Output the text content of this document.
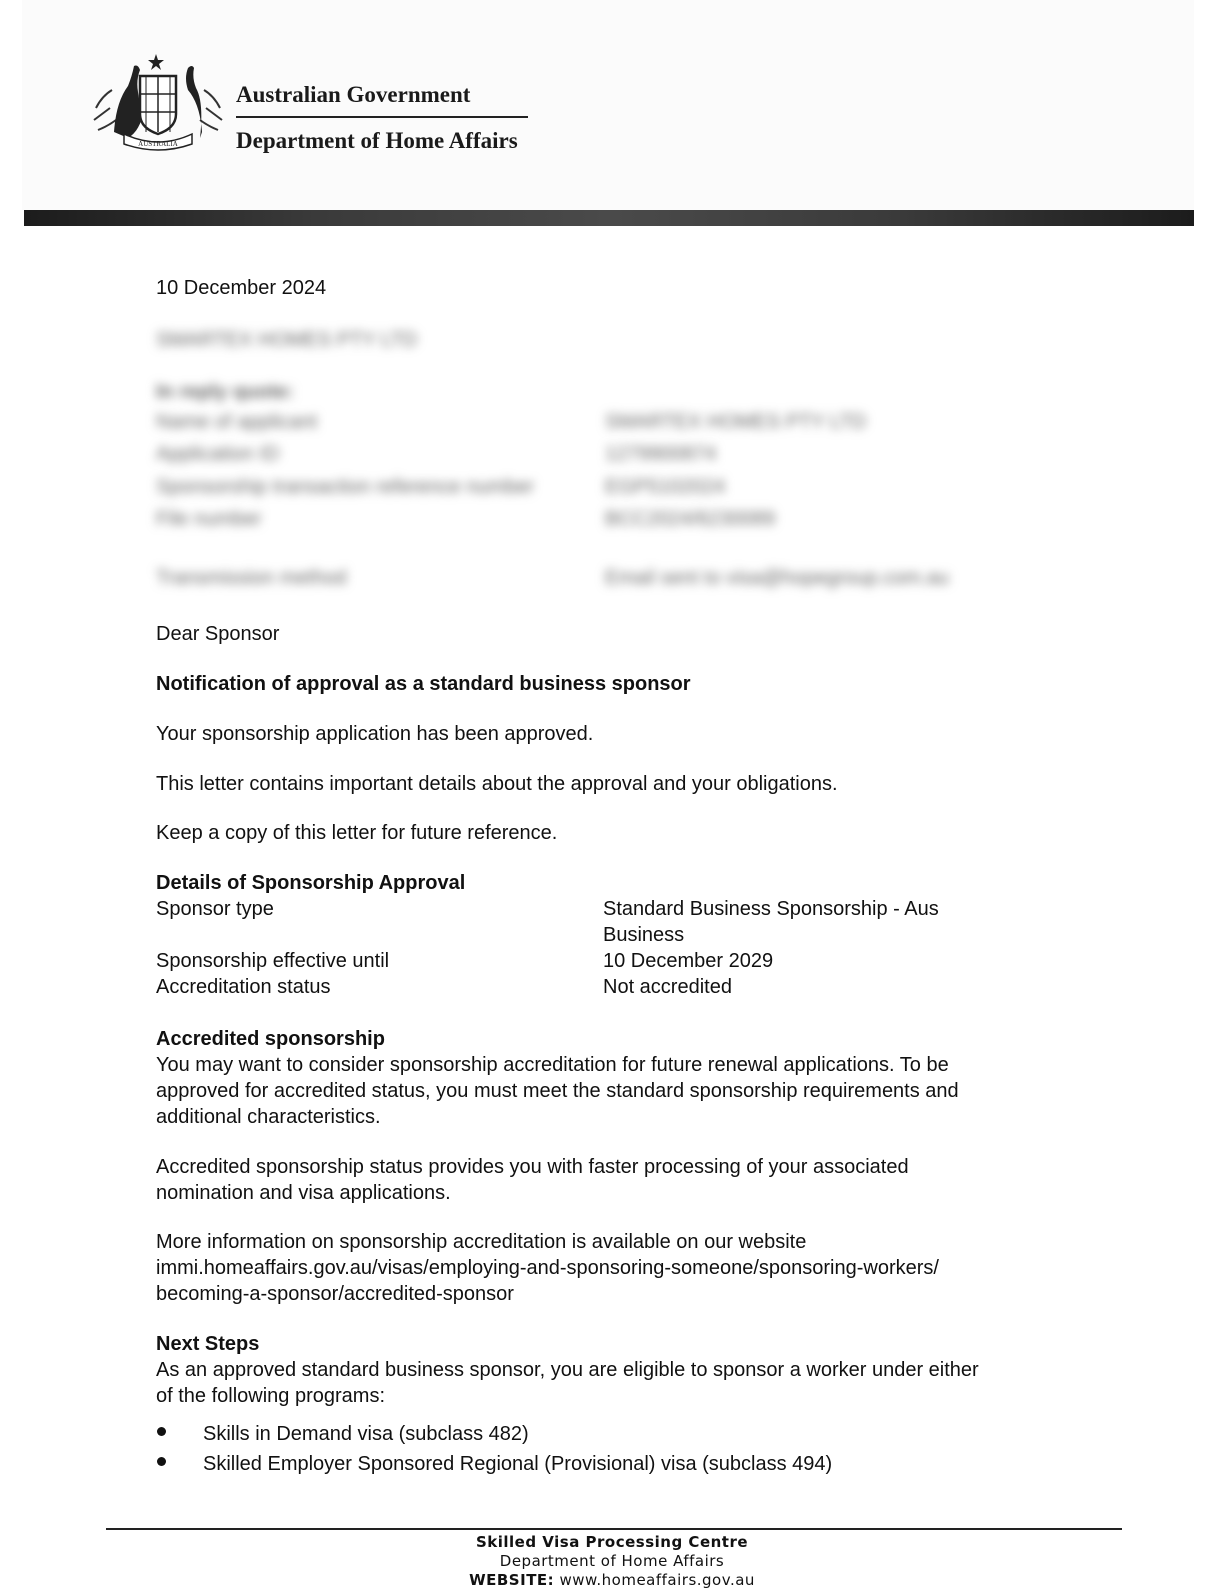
AUSTRALIA
Australian Government
Department of Home Affairs
10 December 2024
SMARTEX HOMES PTY LTD
In reply quote:
Name of applicant	SMARTEX HOMES PTY LTD
Application ID	1279900874
Sponsorship transaction reference number	EGP5102024
File number	BCC2024/6230089
Transmission method	Email sent to visa@hopegroup.com.au
Dear Sponsor
Notification of approval as a standard business sponsor
Your sponsorship application has been approved.
This letter contains important details about the approval and your obligations.
Keep a copy of this letter for future reference.
Details of Sponsorship Approval
Sponsor type	Standard Business Sponsorship - Aus
Business
Sponsorship effective until	10 December 2029
Accreditation status	Not accredited
Accredited sponsorship
You may want to consider sponsorship accreditation for future renewal applications. To be
approved for accredited status, you must meet the standard sponsorship requirements and
additional characteristics.
Accredited sponsorship status provides you with faster processing of your associated
nomination and visa applications.
More information on sponsorship accreditation is available on our website
immi.homeaffairs.gov.au/visas/employing-and-sponsoring-someone/sponsoring-workers/
becoming-a-sponsor/accredited-sponsor
Next Steps
As an approved standard business sponsor, you are eligible to sponsor a worker under either
of the following programs:
Skills in Demand visa (subclass 482)
Skilled Employer Sponsored Regional (Provisional) visa (subclass 494)
Skilled Visa Processing Centre
Department of Home Affairs
WEBSITE: www.homeaffairs.gov.au
